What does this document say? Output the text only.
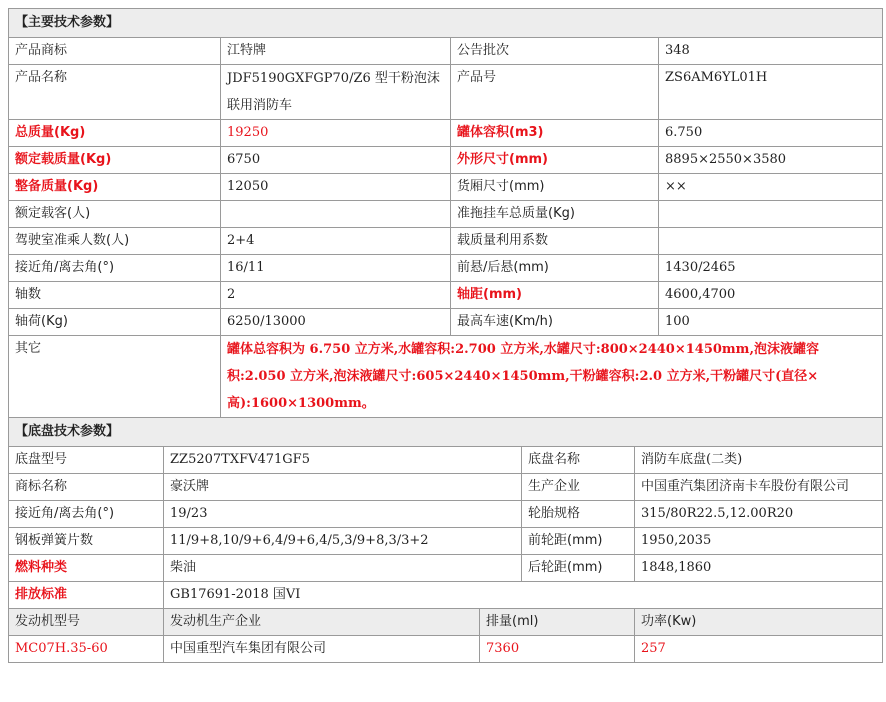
【主要技术参数】			
产品商标	江特牌	公告批次	348
产品名称	JDF5190GXFGP70/Z6 型干粉泡沫联用消防车	产品号	ZS6AM6YL01H
总质量(Kg)	19250	罐体容积(m3)	6.750
额定载质量(Kg)	6750	外形尺寸(mm)	8895×2550×3580
整备质量(Kg)	12050	货厢尺寸(mm)	××
额定载客(人)		准拖挂车总质量(Kg)	
驾驶室准乘人数(人)	2+4	载质量利用系数	
接近角/离去角(°)	16/11	前悬/后悬(mm)	1430/2465
轴数	2	轴距(mm)	4600,4700
轴荷(Kg)	6250/13000	最高车速(Km/h)	100
其它	罐体总容积为 6.750 立方米,水罐容积:2.700 立方米,水罐尺寸:800×2440×1450mm,泡沫液罐容积:2.050 立方米,泡沫液罐尺寸:605×2440×1450mm,干粉罐容积:2.0 立方米,干粉罐尺寸(直径×高):1600×1300mm。		
【底盘技术参数】				
底盘型号	ZZ5207TXFV471GF5		底盘名称	消防车底盘(二类)
商标名称	豪沃牌		生产企业	中国重汽集团济南卡车股份有限公司
接近角/离去角(°)	19/23		轮胎规格	315/80R22.5,12.00R20
钢板弹簧片数	11/9+8,10/9+6,4/9+6,4/5,3/9+8,3/3+2		前轮距(mm)	1950,2035
燃料种类	柴油		后轮距(mm)	1848,1860
排放标准	GB17691-2018 国VI			
发动机型号	发动机生产企业	排量(ml)		功率(Kw)
MC07H.35-60	中国重型汽车集团有限公司	7360		257
